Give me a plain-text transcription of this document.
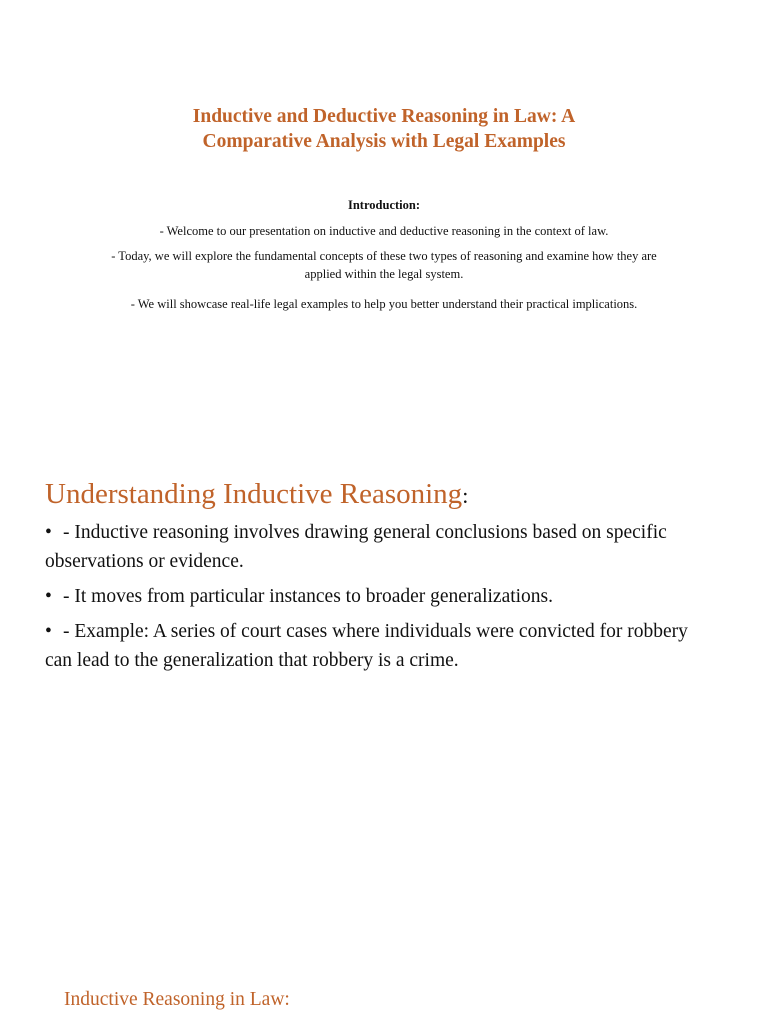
Inductive and Deductive Reasoning in Law: A
Comparative Analysis with Legal Examples

Introduction:

- Welcome to our presentation on inductive and deductive reasoning in the context of law.

- Today, we will explore the fundamental concepts of these two types of reasoning and examine how they are applied within the legal system.

- We will showcase real-life legal examples to help you better understand their practical implications.

Understanding Inductive Reasoning:

• - Inductive reasoning involves drawing general conclusions based on specific observations or evidence.

• - It moves from particular instances to broader generalizations.

• - Example: A series of court cases where individuals were convicted for robbery can lead to the generalization that robbery is a crime.

Inductive Reasoning in Law:
